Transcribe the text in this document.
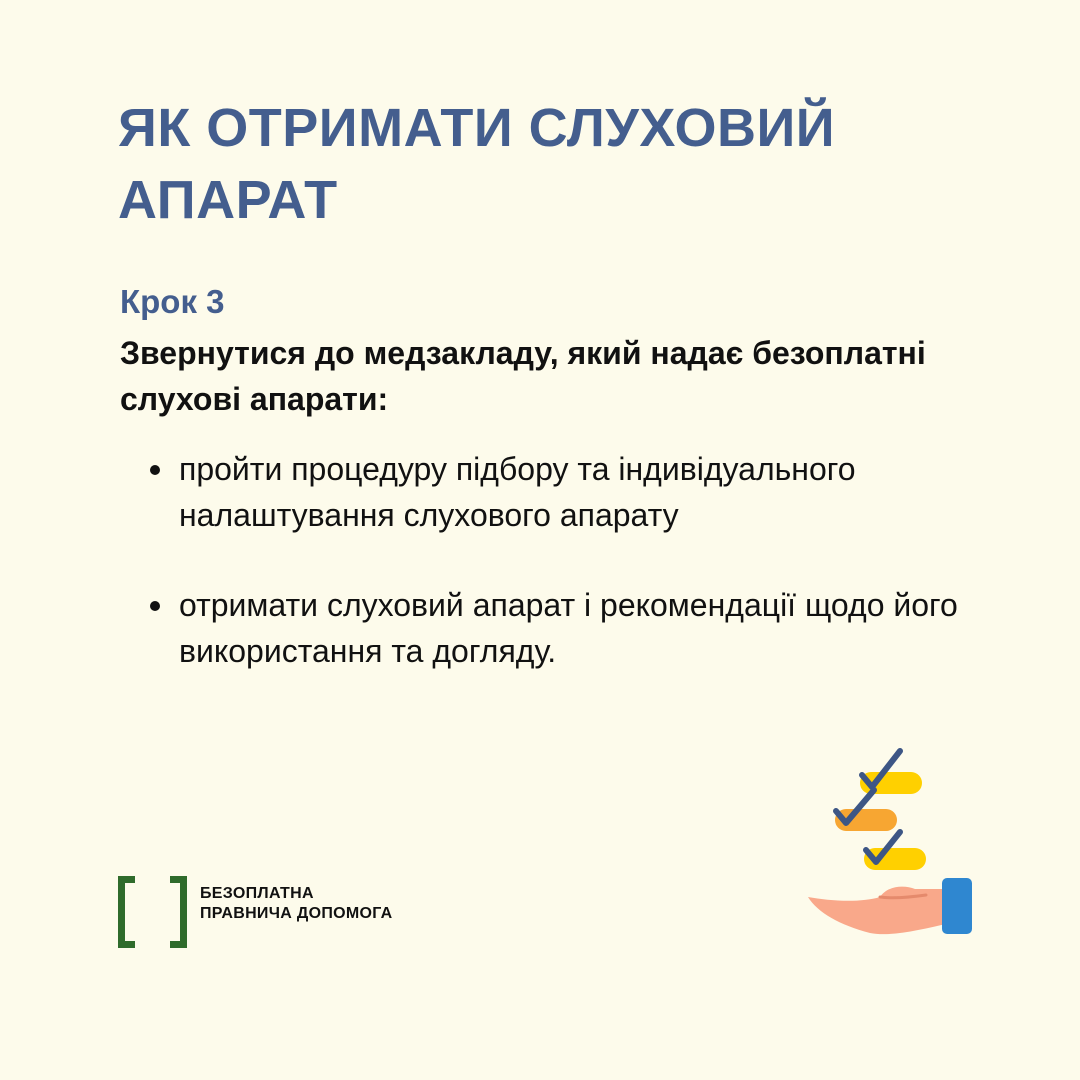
ЯК ОТРИМАТИ СЛУХОВИЙ АПАРАТ
Крок 3
Звернутися до медзакладу, який надає безоплатні слухові апарати:
пройти процедуру підбору та індивідуального налаштування слухового апарату
отримати слуховий апарат і рекомендації щодо його використання та догляду.
БЕЗОПЛАТНА
ПРАВНИЧА ДОПОМОГА
